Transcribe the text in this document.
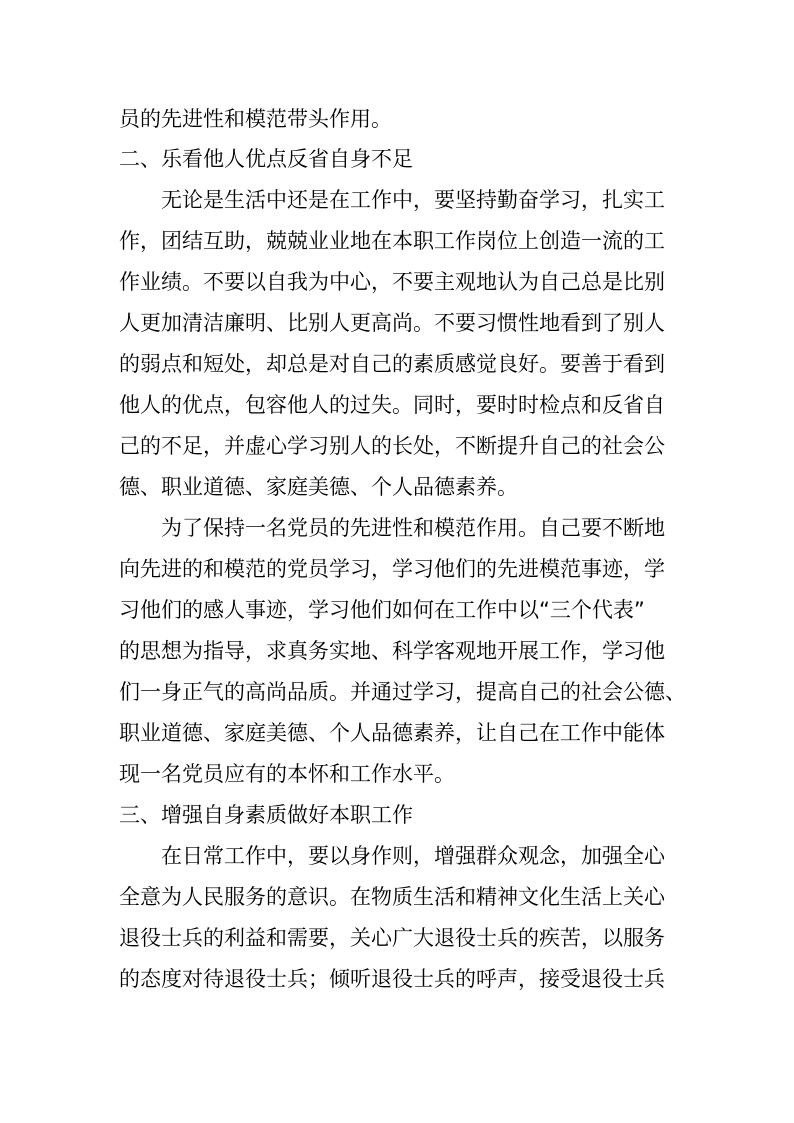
员的先进性和模范带头作用。
二、乐看他人优点反省自身不足
无论是生活中还是在工作中，要坚持勤奋学习，扎实工
作，团结互助，兢兢业业地在本职工作岗位上创造一流的工
作业绩。不要以自我为中心，不要主观地认为自己总是比别
人更加清洁廉明、比别人更高尚。不要习惯性地看到了别人
的弱点和短处，却总是对自己的素质感觉良好。要善于看到
他人的优点，包容他人的过失。同时，要时时检点和反省自
己的不足，并虚心学习别人的长处，不断提升自己的社会公
德、职业道德、家庭美德、个人品德素养。
为了保持一名党员的先进性和模范作用。自己要不断地
向先进的和模范的党员学习，学习他们的先进模范事迹，学
习他们的感人事迹，学习他们如何在工作中以“三个代表”
的思想为指导，求真务实地、科学客观地开展工作，学习他
们一身正气的高尚品质。并通过学习，提高自己的社会公德、
职业道德、家庭美德、个人品德素养，让自己在工作中能体
现一名党员应有的本怀和工作水平。
三、增强自身素质做好本职工作
在日常工作中，要以身作则，增强群众观念，加强全心
全意为人民服务的意识。在物质生活和精神文化生活上关心
退役士兵的利益和需要，关心广大退役士兵的疾苦，以服务
的态度对待退役士兵；倾听退役士兵的呼声，接受退役士兵
